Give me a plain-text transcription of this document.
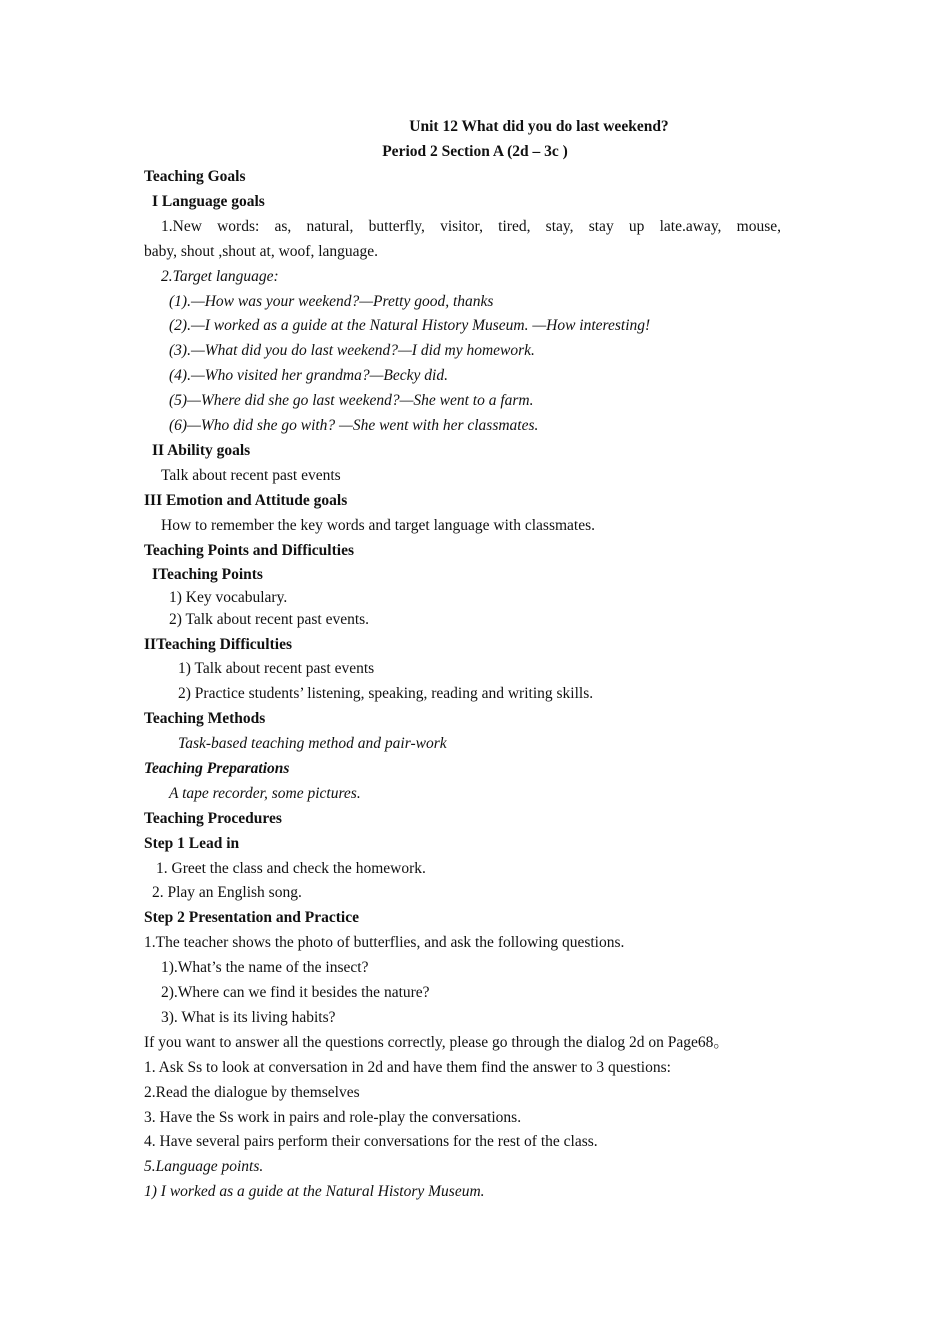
Unit 12 What did you do last weekend?
Period 2 Section A (2d – 3c )
Teaching Goals
I Language goals
1.New words: as, natural, butterfly, visitor, tired, stay, stay up late.away, mouse,
baby, shout ,shout at, woof, language.
2.Target language:
(1).—How was your weekend?—Pretty good, thanks
(2).—I worked as a guide at the Natural History Museum. —How interesting!
(3).—What did you do last weekend?—I did my homework.
(4).—Who visited her grandma?—Becky did.
(5)—Where did she go last weekend?—She went to a farm.
(6)—Who did she go with? —She went with her classmates.
II Ability goals
Talk about recent past events
III Emotion and Attitude goals
How to remember the key words and target language with classmates.
Teaching Points and Difficulties
ITeaching Points
1) Key vocabulary.
2) Talk about recent past events.
IITeaching Difficulties
1) Talk about recent past events
2) Practice students’ listening, speaking, reading and writing skills.
Teaching Methods
Task-based teaching method and pair-work
Teaching Preparations
A tape recorder, some pictures.
Teaching Procedures
Step 1 Lead in
1. Greet the class and check the homework.
2. Play an English song.
Step 2 Presentation and Practice
1.The teacher shows the photo of butterflies, and ask the following questions.
1).What’s the name of the insect?
2).Where can we find it besides the nature?
3). What is its living habits?
If you want to answer all the questions correctly, please go through the dialog 2d on Page68。
1. Ask Ss to look at conversation in 2d and have them find the answer to 3 questions:
2.Read the dialogue by themselves
3. Have the Ss work in pairs and role-play the conversations.
4. Have several pairs perform their conversations for the rest of the class.
5.Language points.
1) I worked as a guide at the Natural History Museum.
